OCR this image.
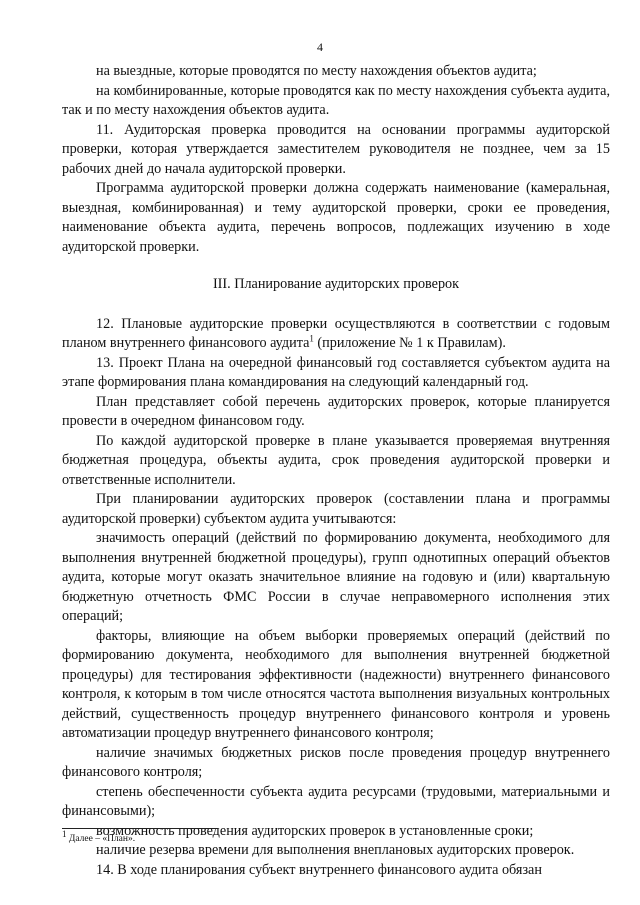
4

на выездные, которые проводятся по месту нахождения объектов аудита;

на комбинированные, которые проводятся как по месту нахождения субъекта аудита, так и по месту нахождения объектов аудита.

11. Аудиторская проверка проводится на основании программы аудиторской проверки, которая утверждается заместителем руководителя не позднее, чем за 15 рабочих дней до начала аудиторской проверки.

Программа аудиторской проверки должна содержать наименование (камеральная, выездная, комбинированная) и тему аудиторской проверки, сроки ее проведения, наименование объекта аудита, перечень вопросов, подлежащих изучению в ходе аудиторской проверки.

III. Планирование аудиторских проверок

12. Плановые аудиторские проверки осуществляются в соответствии с годовым планом внутреннего финансового аудита$^1$ (приложение № 1 к Правилам).

13. Проект Плана на очередной финансовый год составляется субъектом аудита на этапе формирования плана командирования на следующий календарный год.

План представляет собой перечень аудиторских проверок, которые планируется провести в очередном финансовом году.

По каждой аудиторской проверке в плане указывается проверяемая внутренняя бюджетная процедура, объекты аудита, срок проведения аудиторской проверки и ответственные исполнители.

При планировании аудиторских проверок (составлении плана и программы аудиторской проверки) субъектом аудита учитываются:

значимость операций (действий по формированию документа, необходимого для выполнения внутренней бюджетной процедуры), групп однотипных операций объектов аудита, которые могут оказать значительное влияние на годовую и (или) квартальную бюджетную отчетность ФМС России в случае неправомерного исполнения этих операций;

факторы, влияющие на объем выборки проверяемых операций (действий по формированию документа, необходимого для выполнения внутренней бюджетной процедуры) для тестирования эффективности (надежности) внутреннего финансового контроля, к которым в том числе относятся частота выполнения визуальных контрольных действий, существенность процедур внутреннего финансового контроля и уровень автоматизации процедур внутреннего финансового контроля;

наличие значимых бюджетных рисков после проведения процедур внутреннего финансового контроля;

степень обеспеченности субъекта аудита ресурсами (трудовыми, материальными и финансовыми);

возможность проведения аудиторских проверок в установленные сроки;

наличие резерва времени для выполнения внеплановых аудиторских проверок.

14. В ходе планирования субъект внутреннего финансового аудита обязан

$^1$ Далее – «План».
